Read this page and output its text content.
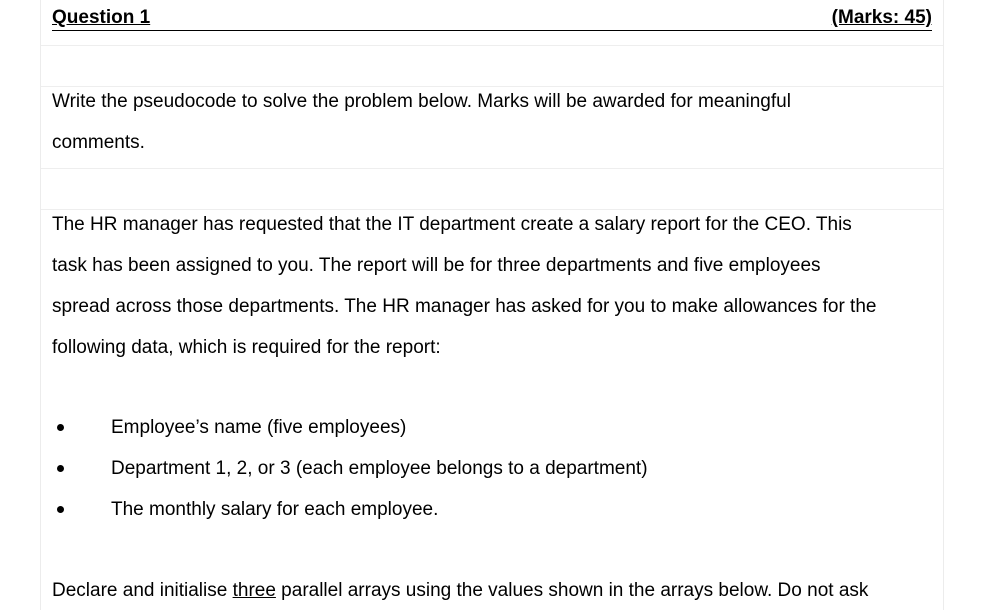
Question 1	(Marks: 45)

Write the pseudocode to solve the problem below. Marks will be awarded for meaningful
comments.

The HR manager has requested that the IT department create a salary report for the CEO. This
task has been assigned to you. The report will be for three departments and five employees
spread across those departments. The HR manager has asked for you to make allowances for the
following data, which is required for the report:

Employee’s name (five employees)
Department 1, 2, or 3 (each employee belongs to a department)
The monthly salary for each employee.

Declare and initialise three parallel arrays using the values shown in the arrays below. Do not ask
